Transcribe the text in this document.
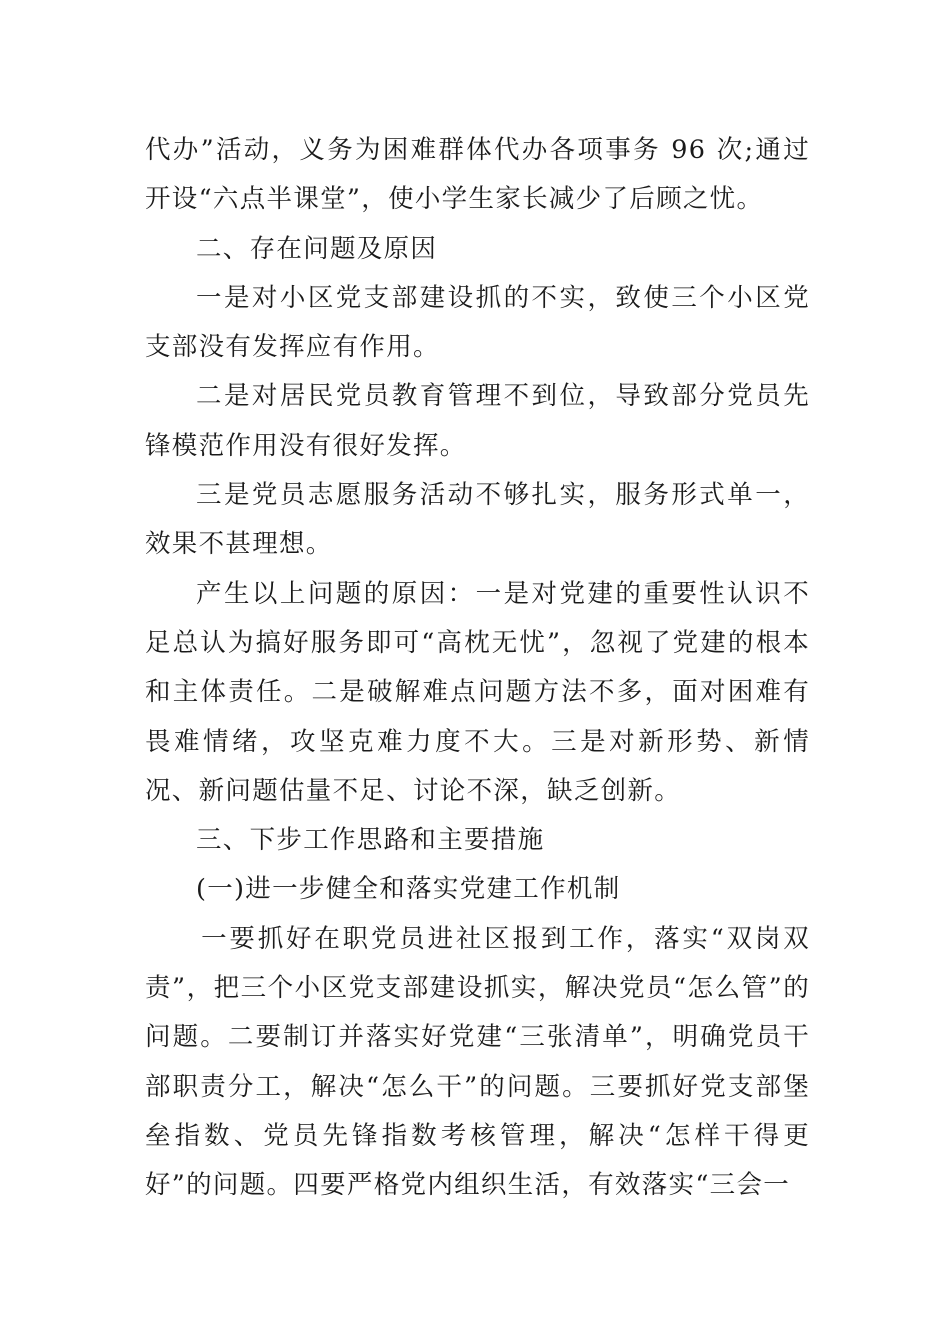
代办”活动，义务为困难群体代办各项事务 96 次;通过开设“六点半课堂”，使小学生家长减少了后顾之忧。

二、存在问题及原因

一是对小区党支部建设抓的不实，致使三个小区党支部没有发挥应有作用。

二是对居民党员教育管理不到位，导致部分党员先锋模范作用没有很好发挥。

三是党员志愿服务活动不够扎实，服务形式单一，效果不甚理想。

产生以上问题的原因：一是对党建的重要性认识不足总认为搞好服务即可“高枕无忧”，忽视了党建的根本和主体责任。二是破解难点问题方法不多，面对困难有畏难情绪，攻坚克难力度不大。三是对新形势、新情况、新问题估量不足、讨论不深，缺乏创新。

三、下步工作思路和主要措施

(一)进一步健全和落实党建工作机制

一要抓好在职党员进社区报到工作，落实“双岗双责”，把三个小区党支部建设抓实，解决党员“怎么管”的问题。二要制订并落实好党建“三张清单”，明确党员干部职责分工，解决“怎么干”的问题。三要抓好党支部堡垒指数、党员先锋指数考核管理，解决“怎样干得更好”的问题。四要严格党内组织生活，有效落实“三会一
